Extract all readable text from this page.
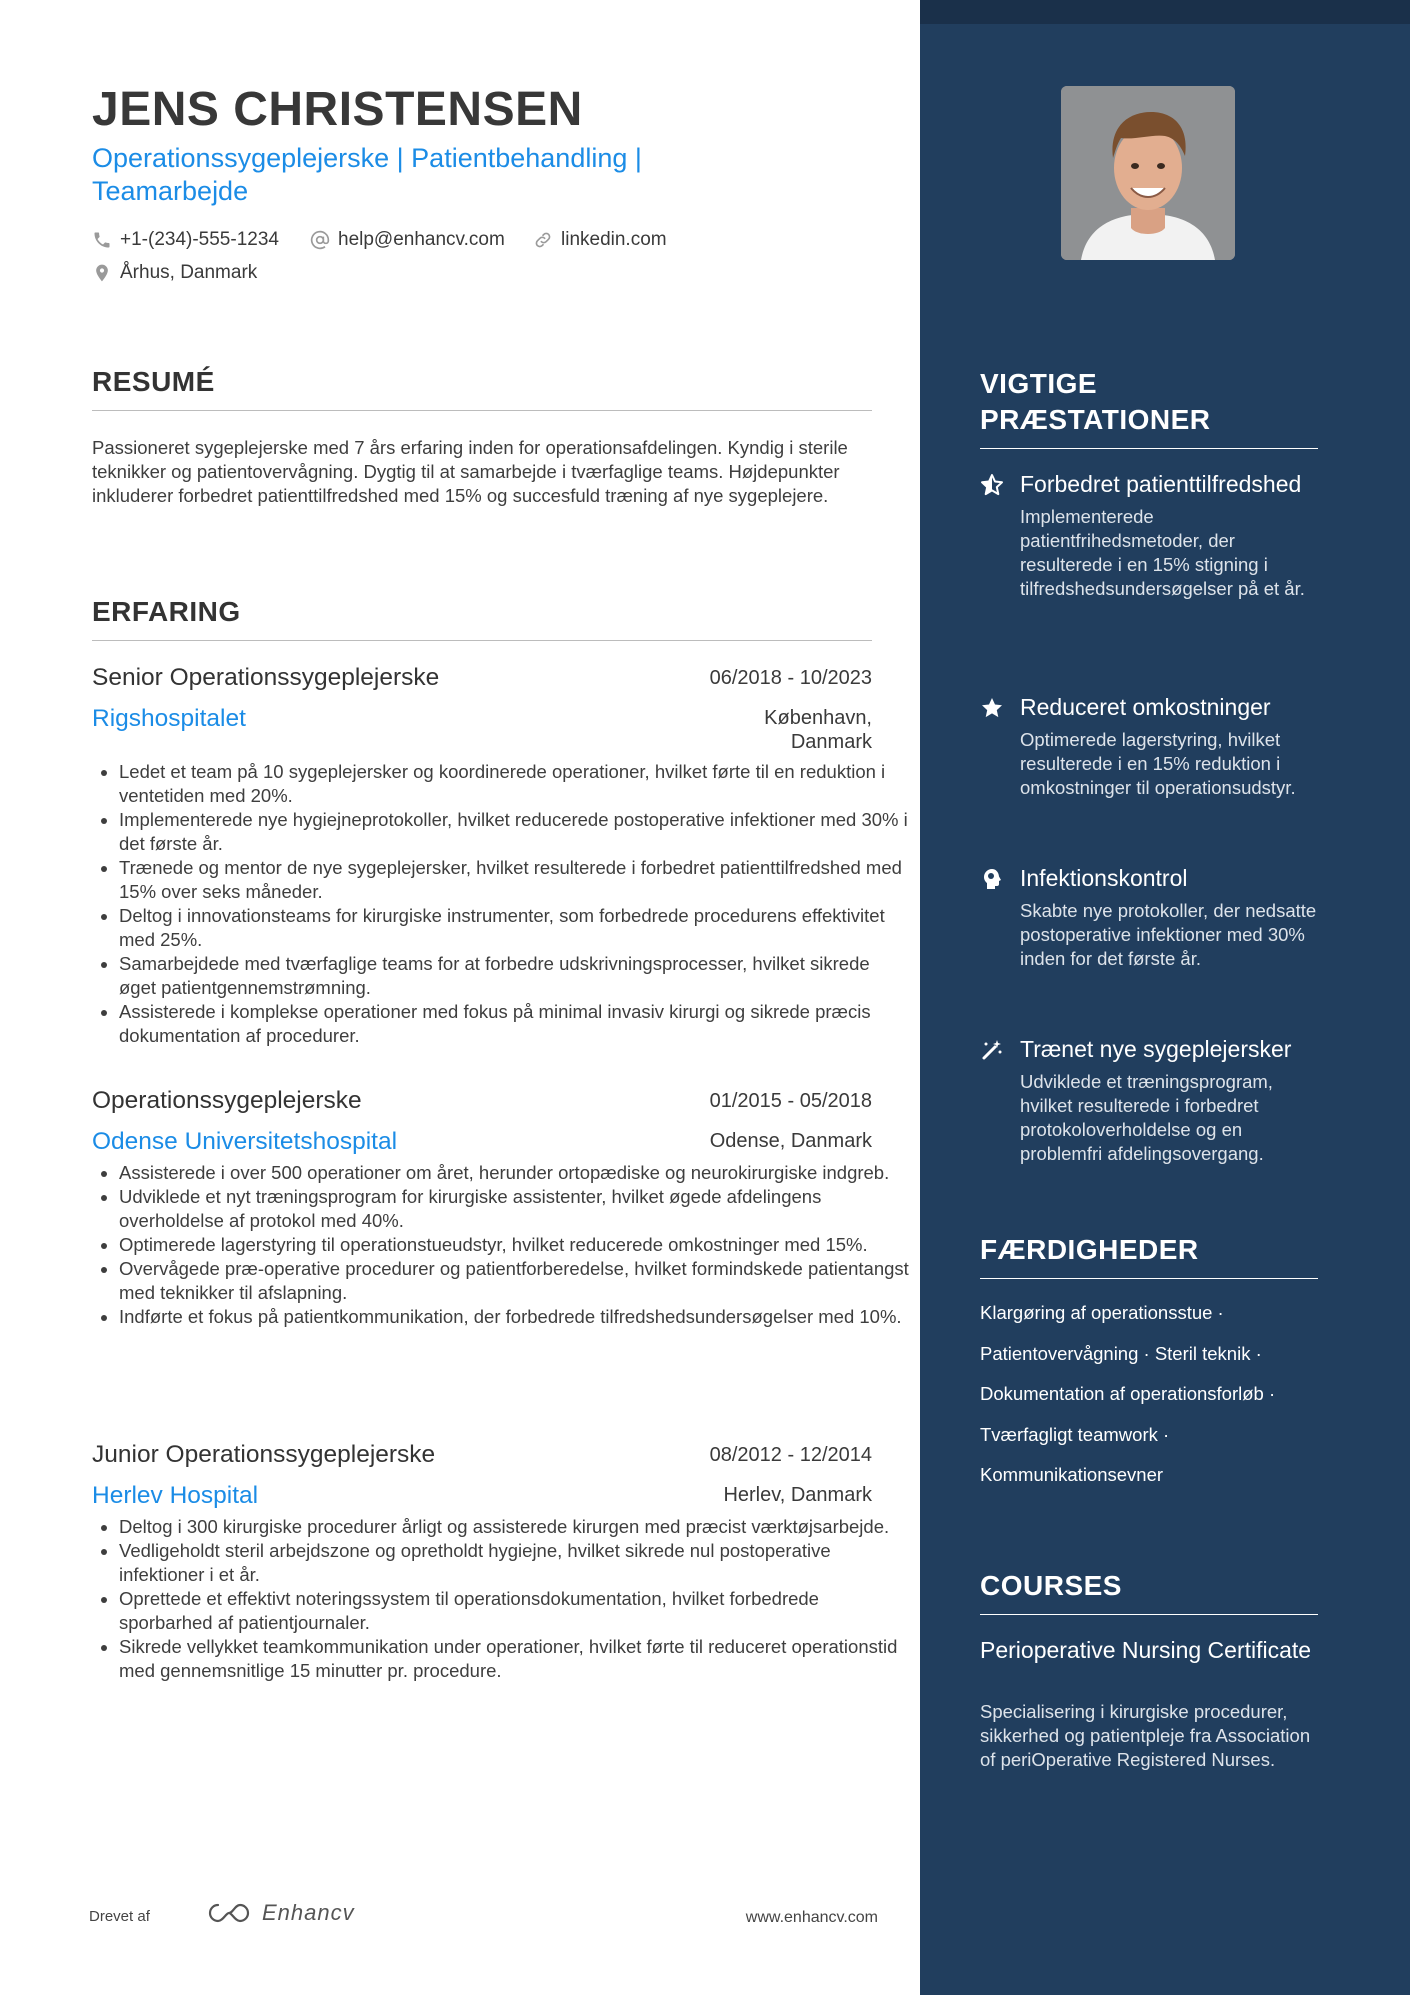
JENS CHRISTENSEN

Operationssygeplejerske | Patientbehandling | Teamarbejde

+1-(234)-555-1234	help@enhancv.com	linkedin.com
Århus, Danmark
RESUMÉ

Passioneret sygeplejerske med 7 års erfaring inden for operationsafdelingen. Kyndig i sterile teknikker og patientovervågning. Dygtig til at samarbejde i tværfaglige teams. Højdepunkter inkluderer forbedret patienttilfredshed med 15% og succesfuld træning af nye sygeplejere.

ERFARING
Senior Operationssygeplejerske	06/2018 - 10/2023
Rigshospitalet	København,
Danmark
• Ledet et team på 10 sygeplejersker og koordinerede operationer, hvilket førte til en reduktion i ventetiden med 20%.
• Implementerede nye hygiejneprotokoller, hvilket reducerede postoperative infektioner med 30% i det første år.
• Trænede og mentor de nye sygeplejersker, hvilket resulterede i forbedret patienttilfredshed med 15% over seks måneder.
• Deltog i innovationsteams for kirurgiske instrumenter, som forbedrede procedurens effektivitet med 25%.
• Samarbejdede med tværfaglige teams for at forbedre udskrivningsprocesser, hvilket sikrede øget patientgennemstrømning.
• Assisterede i komplekse operationer med fokus på minimal invasiv kirurgi og sikrede præcis dokumentation af procedurer.
Operationssygeplejerske	01/2015 - 05/2018
Odense Universitetshospital	Odense, Danmark
• Assisterede i over 500 operationer om året, herunder ortopædiske og neurokirurgiske indgreb.
• Udviklede et nyt træningsprogram for kirurgiske assistenter, hvilket øgede afdelingens overholdelse af protokol med 40%.
• Optimerede lagerstyring til operationstueudstyr, hvilket reducerede omkostninger med 15%.
• Overvågede præ-operative procedurer og patientforberedelse, hvilket formindskede patientangst med teknikker til afslapning.
• Indførte et fokus på patientkommunikation, der forbedrede tilfredshedsundersøgelser med 10%.
Junior Operationssygeplejerske	08/2012 - 12/2014
Herlev Hospital	Herlev, Danmark
• Deltog i 300 kirurgiske procedurer årligt og assisterede kirurgen med præcist værktøjsarbejde.
• Vedligeholdt steril arbejdszone og opretholdt hygiejne, hvilket sikrede nul postoperative infektioner i et år.
• Oprettede et effektivt noteringssystem til operationsdokumentation, hvilket forbedrede sporbarhed af patientjournaler.
• Sikrede vellykket teamkommunikation under operationer, hvilket førte til reduceret operationstid med gennemsnitlige 15 minutter pr. procedure.
Drevet af	Enhancv	www.enhancv.com
VIGTIGE PRÆSTATIONER
Forbedret patienttilfredshed
Implementerede patientfrihedsmetoder, der resulterede i en 15% stigning i tilfredshedsundersøgelser på et år.
Reduceret omkostninger
Optimerede lagerstyring, hvilket resulterede i en 15% reduktion i omkostninger til operationsudstyr.
Infektionskontrol
Skabte nye protokoller, der nedsatte postoperative infektioner med 30% inden for det første år.
Trænet nye sygeplejersker
Udviklede et træningsprogram, hvilket resulterede i forbedret protokoloverholdelse og en problemfri afdelingsovergang.
FÆRDIGHEDER
Klargøring af operationsstue ·
Patientovervågning · Steril teknik ·
Dokumentation af operationsforløb ·
Tværfagligt teamwork ·
Kommunikationsevner
COURSES

Perioperative Nursing Certificate

Specialisering i kirurgiske procedurer, sikkerhed og patientpleje fra Association of periOperative Registered Nurses.
